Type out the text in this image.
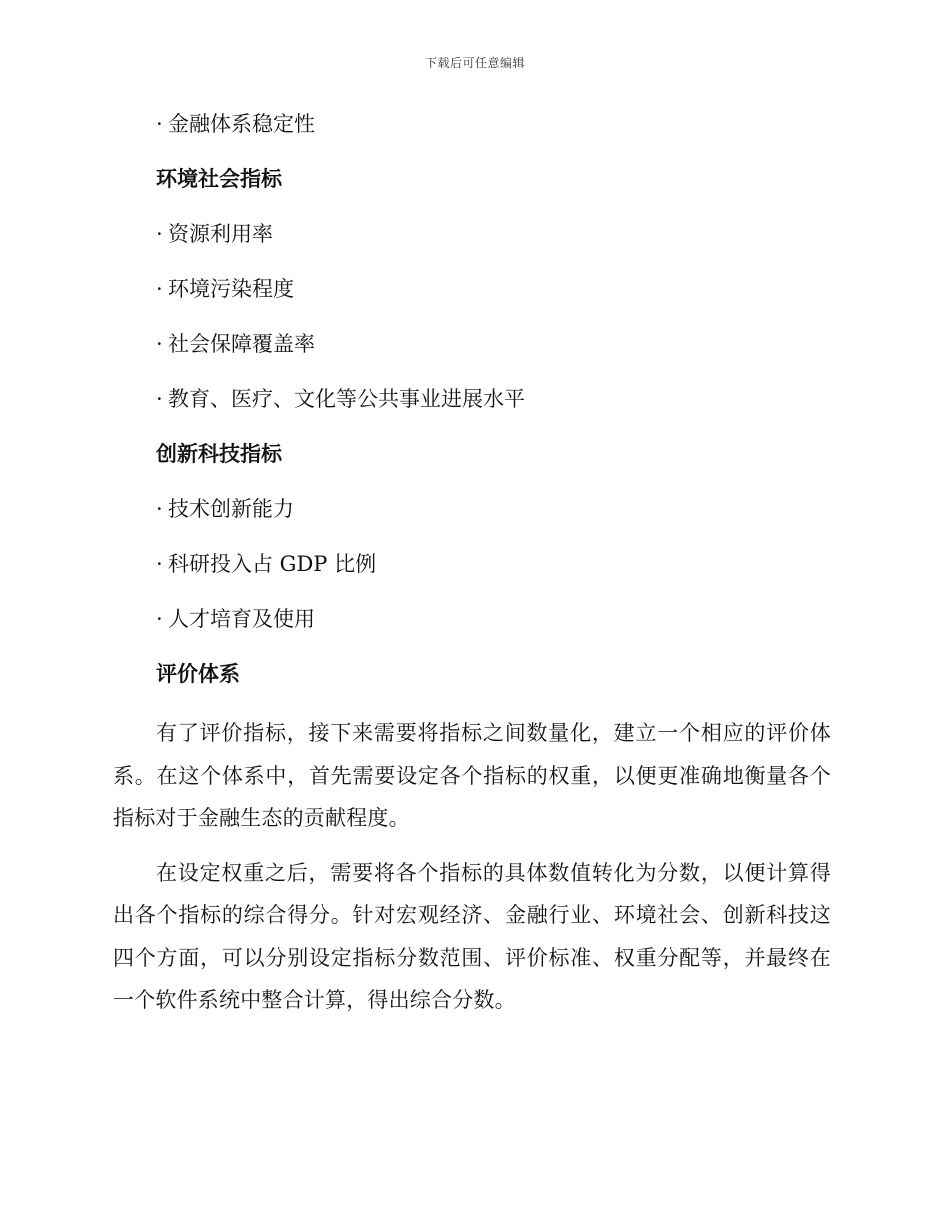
下载后可任意编辑
· 金融体系稳定性
环境社会指标
· 资源利用率
· 环境污染程度
· 社会保障覆盖率
· 教育、医疗、文化等公共事业进展水平
创新科技指标
· 技术创新能力
· 科研投入占 GDP 比例
· 人才培育及使用
评价体系
有了评价指标，接下来需要将指标之间数量化，建立一个相应的评价体系。在这个体系中，首先需要设定各个指标的权重，以便更准确地衡量各个指标对于金融生态的贡献程度。
在设定权重之后，需要将各个指标的具体数值转化为分数，以便计算得出各个指标的综合得分。针对宏观经济、金融行业、环境社会、创新科技这四个方面，可以分别设定指标分数范围、评价标准、权重分配等，并最终在一个软件系统中整合计算，得出综合分数。
